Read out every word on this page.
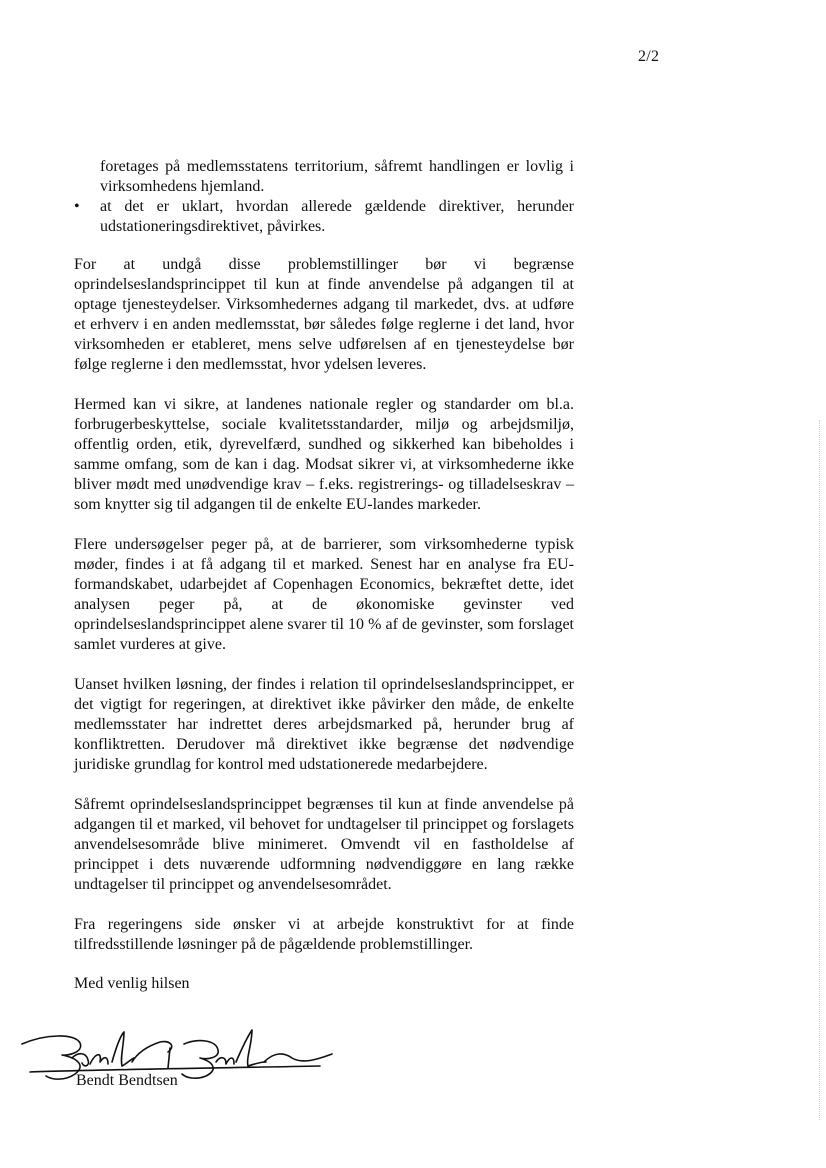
2/2

foretages på medlemsstatens territorium, såfremt handlingen er lovlig i virksomhedens hjemland.

•	at det er uklart, hvordan allerede gældende direktiver, herunder udstationeringsdirektivet, påvirkes.

For at undgå disse problemstillinger bør vi begrænse oprindelseslandsprincippet til kun at finde anvendelse på adgangen til at optage tjenesteydelser. Virksomhedernes adgang til markedet, dvs. at udføre et erhverv i en anden medlemsstat, bør således følge reglerne i det land, hvor virksomheden er etableret, mens selve udførelsen af en tjenesteydelse bør følge reglerne i den medlemsstat, hvor ydelsen leveres.

Hermed kan vi sikre, at landenes nationale regler og standarder om bl.a. forbrugerbeskyttelse, sociale kvalitetsstandarder, miljø og arbejdsmiljø, offentlig orden, etik, dyrevelfærd, sundhed og sikkerhed kan bibeholdes i samme omfang, som de kan i dag. Modsat sikrer vi, at virksomhederne ikke bliver mødt med unødvendige krav – f.eks. registrerings- og tilladelseskrav – som knytter sig til adgangen til de enkelte EU-landes markeder.

Flere undersøgelser peger på, at de barrierer, som virksomhederne typisk møder, findes i at få adgang til et marked. Senest har en analyse fra EU-formandskabet, udarbejdet af Copenhagen Economics, bekræftet dette, idet analysen peger på, at de økonomiske gevinster ved oprindelseslandsprincippet alene svarer til 10 % af de gevinster, som forslaget samlet vurderes at give.

Uanset hvilken løsning, der findes i relation til oprindelseslandsprincippet, er det vigtigt for regeringen, at direktivet ikke påvirker den måde, de enkelte medlemsstater har indrettet deres arbejdsmarked på, herunder brug af konfliktretten. Derudover må direktivet ikke begrænse det nødvendige juridiske grundlag for kontrol med udstationerede medarbejdere.

Såfremt oprindelseslandsprincippet begrænses til kun at finde anvendelse på adgangen til et marked, vil behovet for undtagelser til princippet og forslagets anvendelsesområde blive minimeret. Omvendt vil en fastholdelse af princippet i dets nuværende udformning nødvendiggøre en lang række undtagelser til princippet og anvendelsesområdet.

Fra regeringens side ønsker vi at arbejde konstruktivt for at finde tilfredsstillende løsninger på de pågældende problemstillinger.

Med venlig hilsen
Bendt Bendtsen
